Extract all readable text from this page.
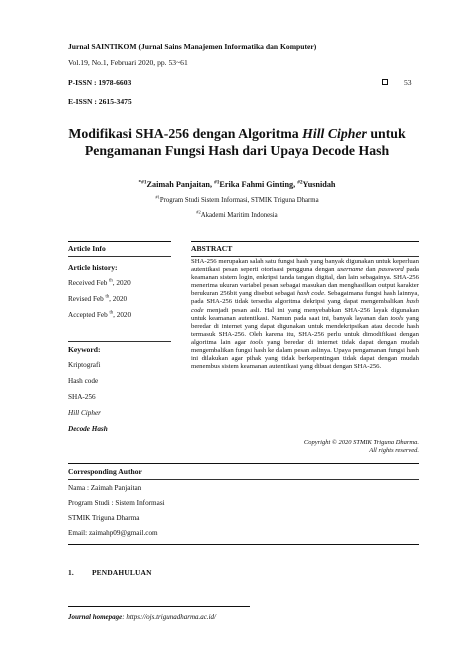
Jurnal SAINTIKOM (Jurnal Sains Manajemen Informatika dan Komputer)
Vol.19, No.1, Februari 2020, pp. 53~61
P-ISSN : 1978-6603
E-ISSN : 2615-3475
53
Modifikasi SHA-256 dengan Algoritma Hill Cipher untuk
Pengamanan Fungsi Hash dari Upaya Decode Hash
$^{*\#1}$Zaimah Panjaitan, $^{\#1}$Erika Fahmi Ginting, $^{\#2}$Yusnidah
$^{\#1}$Program Studi Sistem Informasi, STMIK Triguna Dharma
$^{\#2}$Akademi Maritim Indonesia
Article Info
Article history:
Received Feb $^{th}$, 2020
Revised Feb $^{th}$, 2020
Accepted Feb $^{th}$, 2020
Keyword:
Kriptografi
Hash code
SHA-256
Hill Cipher
Decode Hash
ABSTRACT
SHA-256 merupakan salah satu fungsi hash yang banyak digunakan untuk keperluan autentikasi pesan seperti otorisasi pengguna dengan username dan password pada keamanan sistem login, enkripsi tanda tangan digital, dan lain sebagainya. SHA-256 menerima ukuran variabel pesan sebagai masukan dan menghasilkan output karakter berukuran 256bit yang disebut sebagai hash code. Sebagaimana fungsi hash lainnya, pada SHA-256 tidak tersedia algoritma dekripsi yang dapat mengembalikan hash code menjadi pesan asli. Hal ini yang menyebabkan SHA-256 layak digunakan untuk keamanan autentikasi. Namun pada saat ini, banyak layanan dan tools yang beredar di internet yang dapat digunakan untuk mendekripsikan atau decode hash termasuk SHA-256. Oleh karena itu, SHA-256 perlu untuk dimodifikasi dengan algoritma lain agar tools yang beredar di internet tidak dapat dengan mudah mengembalikan fungsi hash ke dalam pesan aslinya. Upaya pengamanan fungsi hash ini dilakukan agar pihak yang tidak berkepentingan tidak dapat dengan mudah menembus sistem keamanan autentikasi yang dibuat dengan SHA-256.
Copyright © 2020 STMIK Triguna Dharma.
All rights reserved.
Corresponding Author
Nama : Zaimah Panjaitan
Program Studi : Sistem Informasi
STMIK Triguna Dharma
Email: zaimahp09@gmail.com
1. PENDAHULUAN
Journal homepage: https://ojs.trigunadharma.ac.id/
